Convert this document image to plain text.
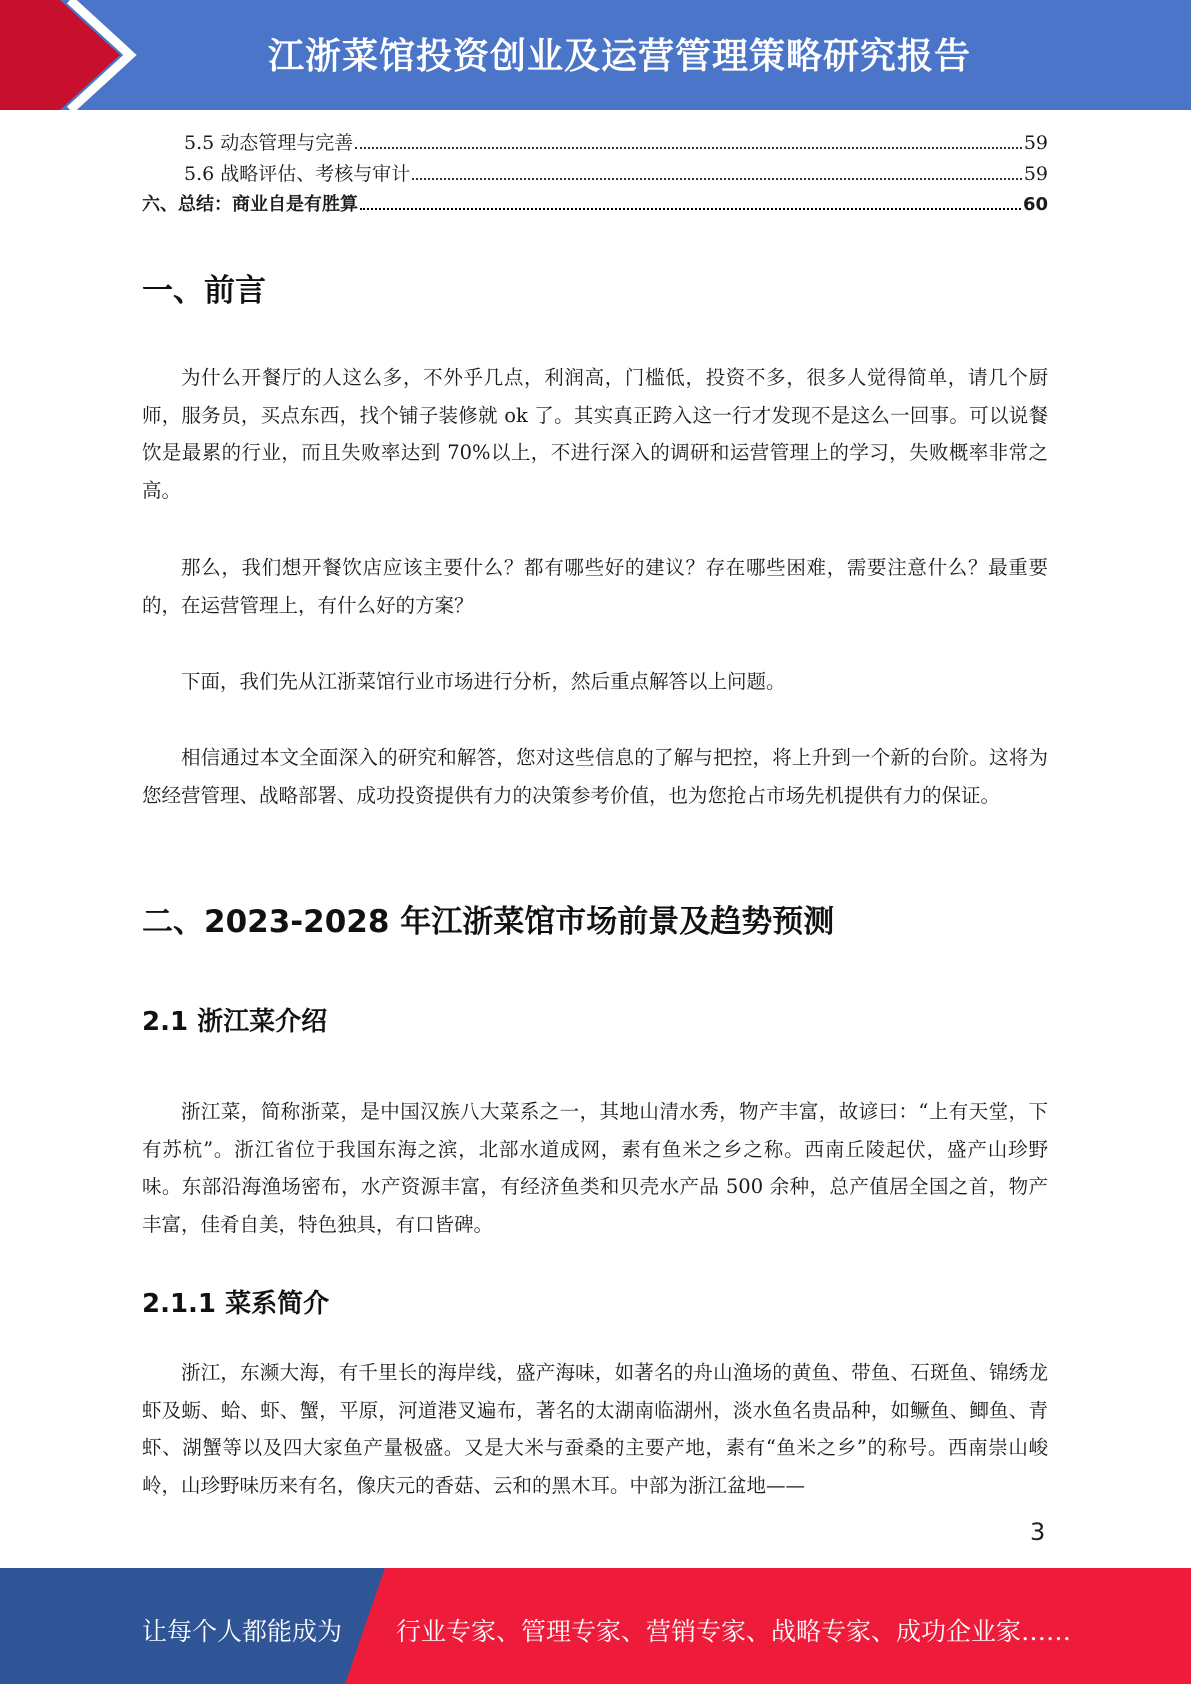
江浙菜馆投资创业及运营管理策略研究报告
5.5 动态管理与完善	59
5.6 战略评估、考核与审计	59
六、总结：商业自是有胜算	60
一、前言

为什么开餐厅的人这么多，不外乎几点，利润高，门槛低，投资不多，很多人觉得简单，请几个厨师，服务员，买点东西，找个铺子装修就 ok 了。其实真正跨入这一行才发现不是这么一回事。可以说餐饮是最累的行业，而且失败率达到 70%以上，不进行深入的调研和运营管理上的学习，失败概率非常之高。

那么，我们想开餐饮店应该主要什么？都有哪些好的建议？存在哪些困难，需要注意什么？最重要的，在运营管理上，有什么好的方案？

下面，我们先从江浙菜馆行业市场进行分析，然后重点解答以上问题。

相信通过本文全面深入的研究和解答，您对这些信息的了解与把控，将上升到一个新的台阶。这将为您经营管理、战略部署、成功投资提供有力的决策参考价值，也为您抢占市场先机提供有力的保证。

二、2023-2028 年江浙菜馆市场前景及趋势预测
2.1 浙江菜介绍

浙江菜，简称浙菜，是中国汉族八大菜系之一，其地山清水秀，物产丰富，故谚曰：“上有天堂，下有苏杭”。浙江省位于我国东海之滨，北部水道成网，素有鱼米之乡之称。西南丘陵起伏，盛产山珍野味。东部沿海渔场密布，水产资源丰富，有经济鱼类和贝壳水产品 500 余种，总产值居全国之首，物产丰富，佳肴自美，特色独具，有口皆碑。

2.1.1 菜系简介

浙江，东濒大海，有千里长的海岸线，盛产海味，如著名的舟山渔场的黄鱼、带鱼、石斑鱼、锦绣龙虾及蛎、蛤、虾、蟹，平原，河道港叉遍布，著名的太湖南临湖州，淡水鱼名贵品种，如鳜鱼、鲫鱼、青虾、湖蟹等以及四大家鱼产量极盛。又是大米与蚕桑的主要产地，素有“鱼米之乡”的称号。西南崇山峻岭，山珍野味历来有名，像庆元的香菇、云和的黑木耳。中部为浙江盆地——

3
让每个人都能成为 行业专家、管理专家、营销专家、战略专家、成功企业家……
